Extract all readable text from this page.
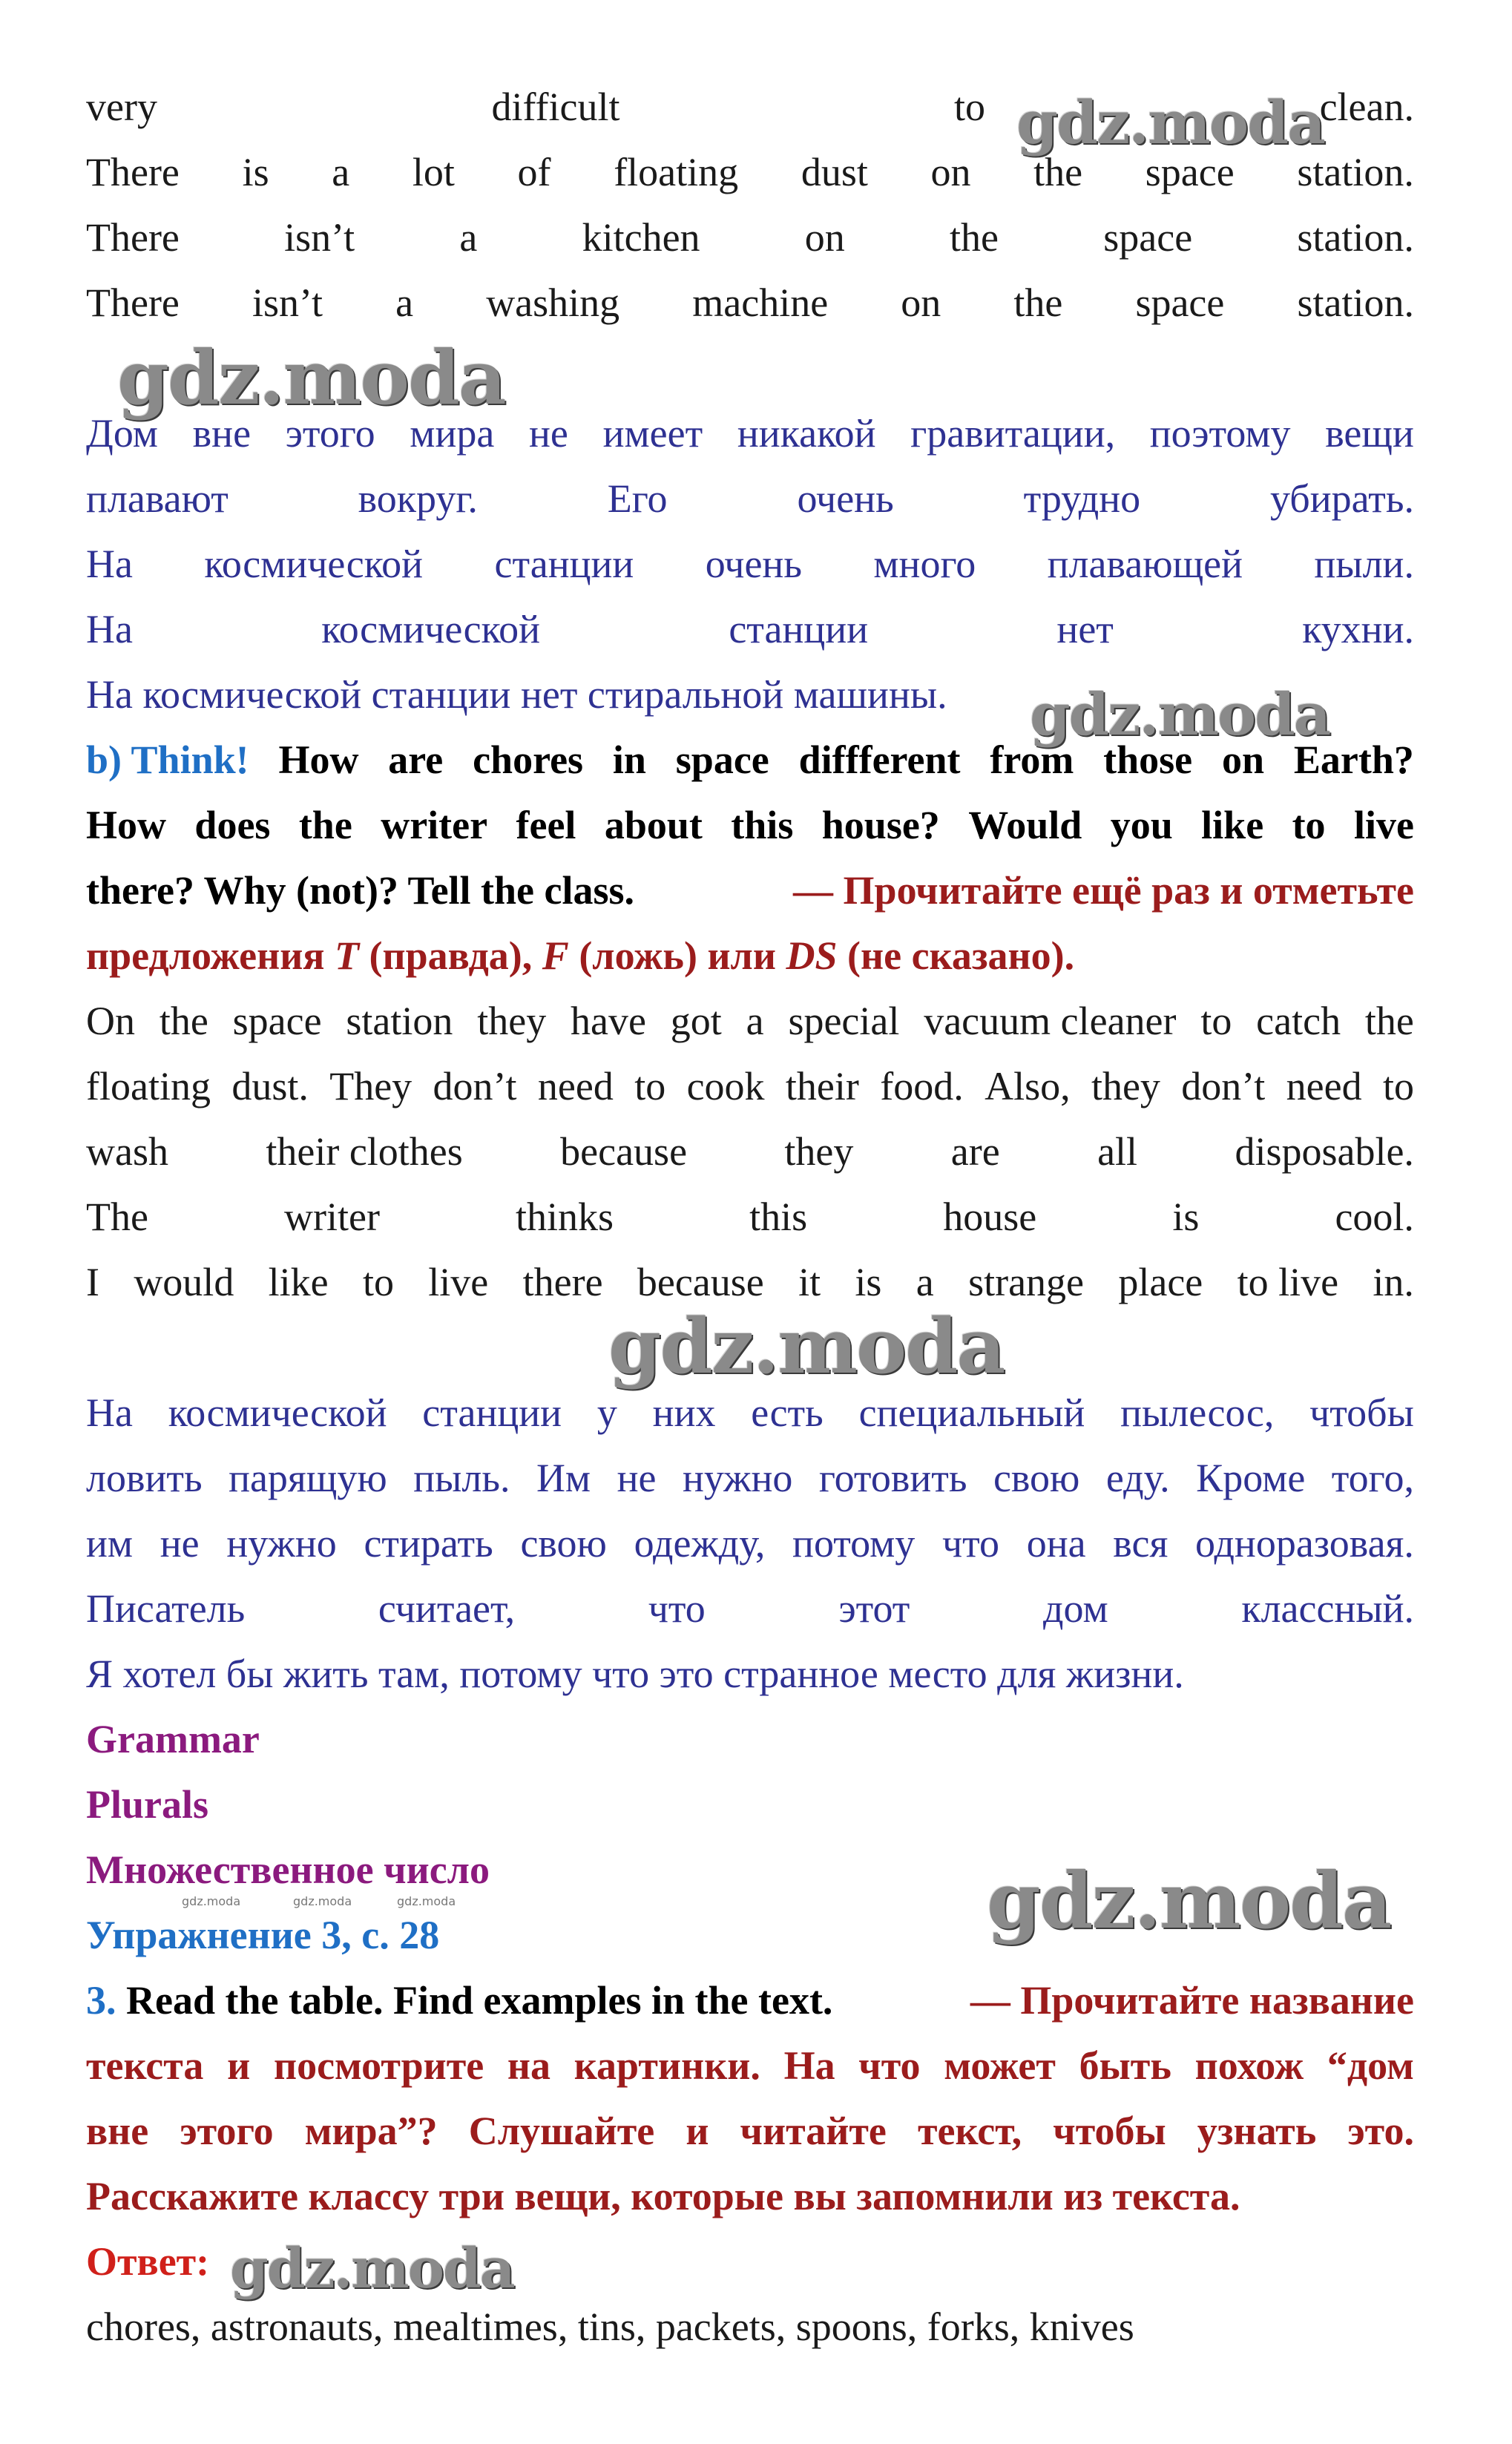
very	difficult	to	clean.
There is a lot of floating dust on the space station.
There	isn’t	a	kitchen	on	the	space	station.
There isn’t a washing machine on the space station.
Дом вне этого мира не имеет никакой гравитации, поэтому вещи
плавают	вокруг.	Его	очень	трудно	убирать.
На космической станции очень много плавающей пыли.
На	космической	станции	нет	кухни.
На космической станции нет стиральной машины.
b) Think! How are chores in space diffferent from those on Earth?
How does the writer feel about this house? Would you like to live
there? Why (not)? Tell the class.	— Прочитайте ещё раз и отметьте
предложения T (правда), F (ложь) или DS (не сказано).
On the space station they have got a special vacuum cleaner to catch the
floating dust. They don’t need to cook their food. Also, they don’t need to
wash their clothes because they are all disposable.
The	writer	thinks	this	house	is	cool.
I would like to live there because it is a strange place to live in.
На космической станции у них есть специальный пылесос, чтобы
ловить парящую пыль. Им не нужно готовить свою еду. Кроме того,
им не нужно стирать свою одежду, потому что она вся одноразовая.
Писатель	считает,	что	этот	дом	классный.
Я хотел бы жить там, потому что это странное место для жизни.
Grammar
Plurals
Множественное число
Упражнение 3, с. 28
3. Read the table. Find examples in the text.	— Прочитайте название
текста и посмотрите на картинки. На что может быть похож “дом
вне этого мира”? Слушайте и читайте текст, чтобы узнать это.
Расскажите классу три вещи, которые вы запомнили из текста.
Ответ:
chores, astronauts, mealtimes, tins, packets, spoons, forks, knives
gdz.moda
gdz.moda
gdz.moda
gdz.moda
gdz.moda
gdz.moda
gdz.moda	gdz.moda	gdz.moda
